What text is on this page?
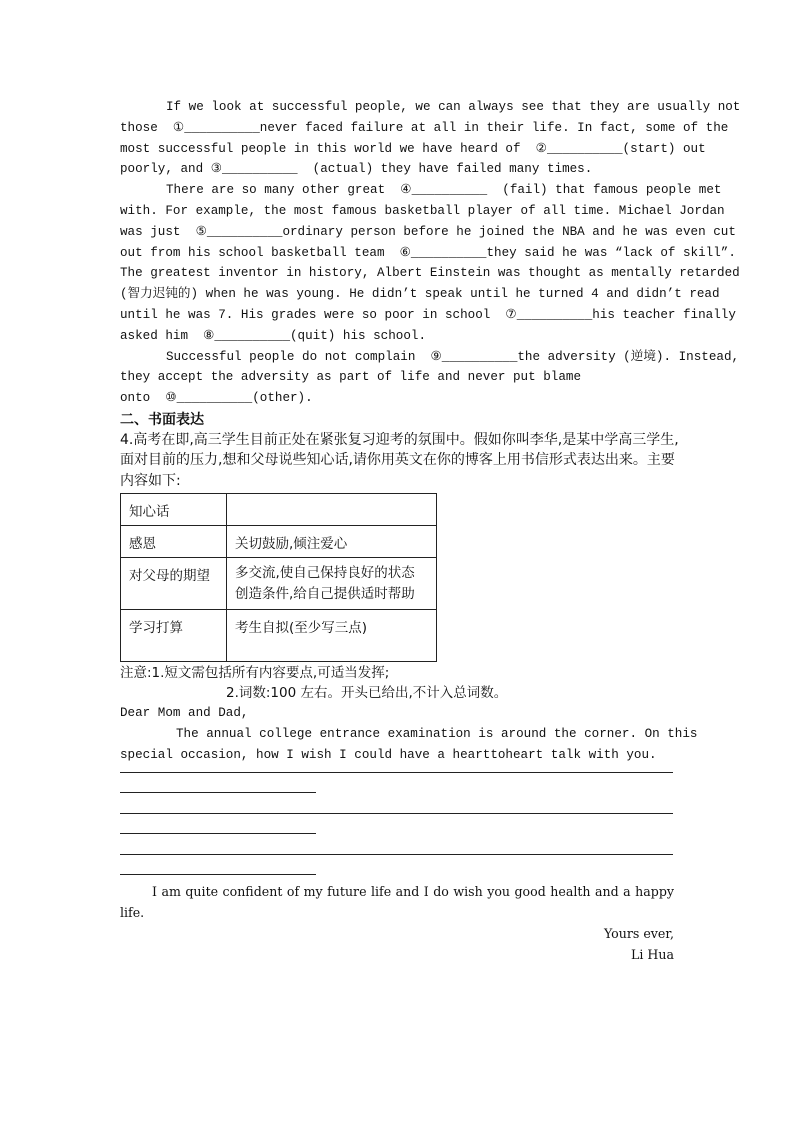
If we look at successful people, we can always see that they are usually not

those  ①__________never faced failure at all in their life. In fact, some of the

most successful people in this world we have heard of  ②__________(start) out

poorly, and ③__________  (actual) they have failed many times.

There are so many other great  ④__________  (fail) that famous people met

with. For example, the most famous basketball player of all time. Michael Jordan

was just  ⑤__________ordinary person before he joined the NBA and he was even cut

out from his school basketball team  ⑥__________they said he was “lack of skill”.

The greatest inventor in history, Albert Einstein was thought as mentally retarded

(智力迟钝的) when he was young. He didn’t speak until he turned 4 and didn’t read

until he was 7. His grades were so poor in school  ⑦__________his teacher finally

asked him  ⑧__________(quit) his school.

Successful people do not complain  ⑨__________the adversity (逆境). Instead,

they accept the adversity as part of life and never put blame

onto  ⑩__________(other).

二、书面表达
4.高考在即,高三学生目前正处在紧张复习迎考的氛围中。假如你叫李华,是某中学高三学生,面对目前的压力,想和父母说些知心话,请你用英文在你的博客上用书信形式表达出来。主要内容如下:
知心话	
感恩	关切鼓励,倾注爱心
对父母的期望	多交流,使自己保持良好的状态
创造条件,给自己提供适时帮助
学习打算	考生自拟(至少写三点)
注意:1.短文需包括所有内容要点,可适当发挥;
2.词数:100 左右。开头已给出,不计入总词数。
Dear Mom and Dad,
The annual college entrance examination is around the corner. On this
special occasion, how I wish I could have a hearttoheart talk with you.
I am quite confident of my future life and I do wish you good health and a happy
life.
Yours ever,
Li Hua
